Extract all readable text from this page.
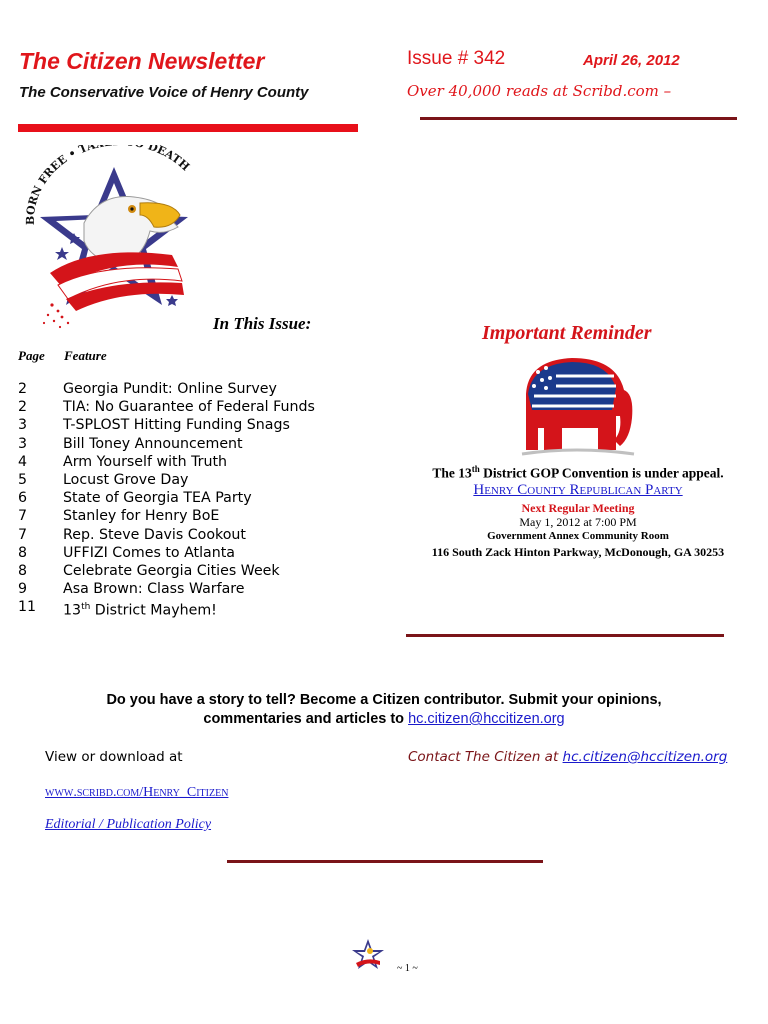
The Citizen Newsletter
The Conservative Voice of Henry County
Issue # 342	April 26, 2012
Over 40,000 reads at Scribd.com –
BORN FREE • TA DEATH
In This Issue:
Page Feature
2	Georgia Pundit: Online Survey
2	TIA: No Guarantee of Federal Funds
3	T-SPLOST Hitting Funding Snags
3	Bill Toney Announcement
4	Arm Yourself with Truth
5	Locust Grove Day
6	State of Georgia TEA Party
7	Stanley for Henry BoE
7	Rep. Steve Davis Cookout
8	UFFIZI Comes to Atlanta
8	Celebrate Georgia Cities Week
9	Asa Brown: Class Warfare
11 13th District Mayhem!
Important Reminder
The 13th District GOP Convention is under appeal.
Henry County Republican Party
Next Regular Meeting
May 1, 2012 at 7:00 PM
Government Annex Community Room
116 South Zack Hinton Parkway, McDonough, GA 30253
Do you have a story to tell? Become a Citizen contributor. Submit your opinions, commentaries and articles to hc.citizen@hccitizen.org
View or download at	Contact The Citizen at hc.citizen@hccitizen.org
www.scribd.com/Henry_Citizen
Editorial / Publication Policy
~ 1 ~
